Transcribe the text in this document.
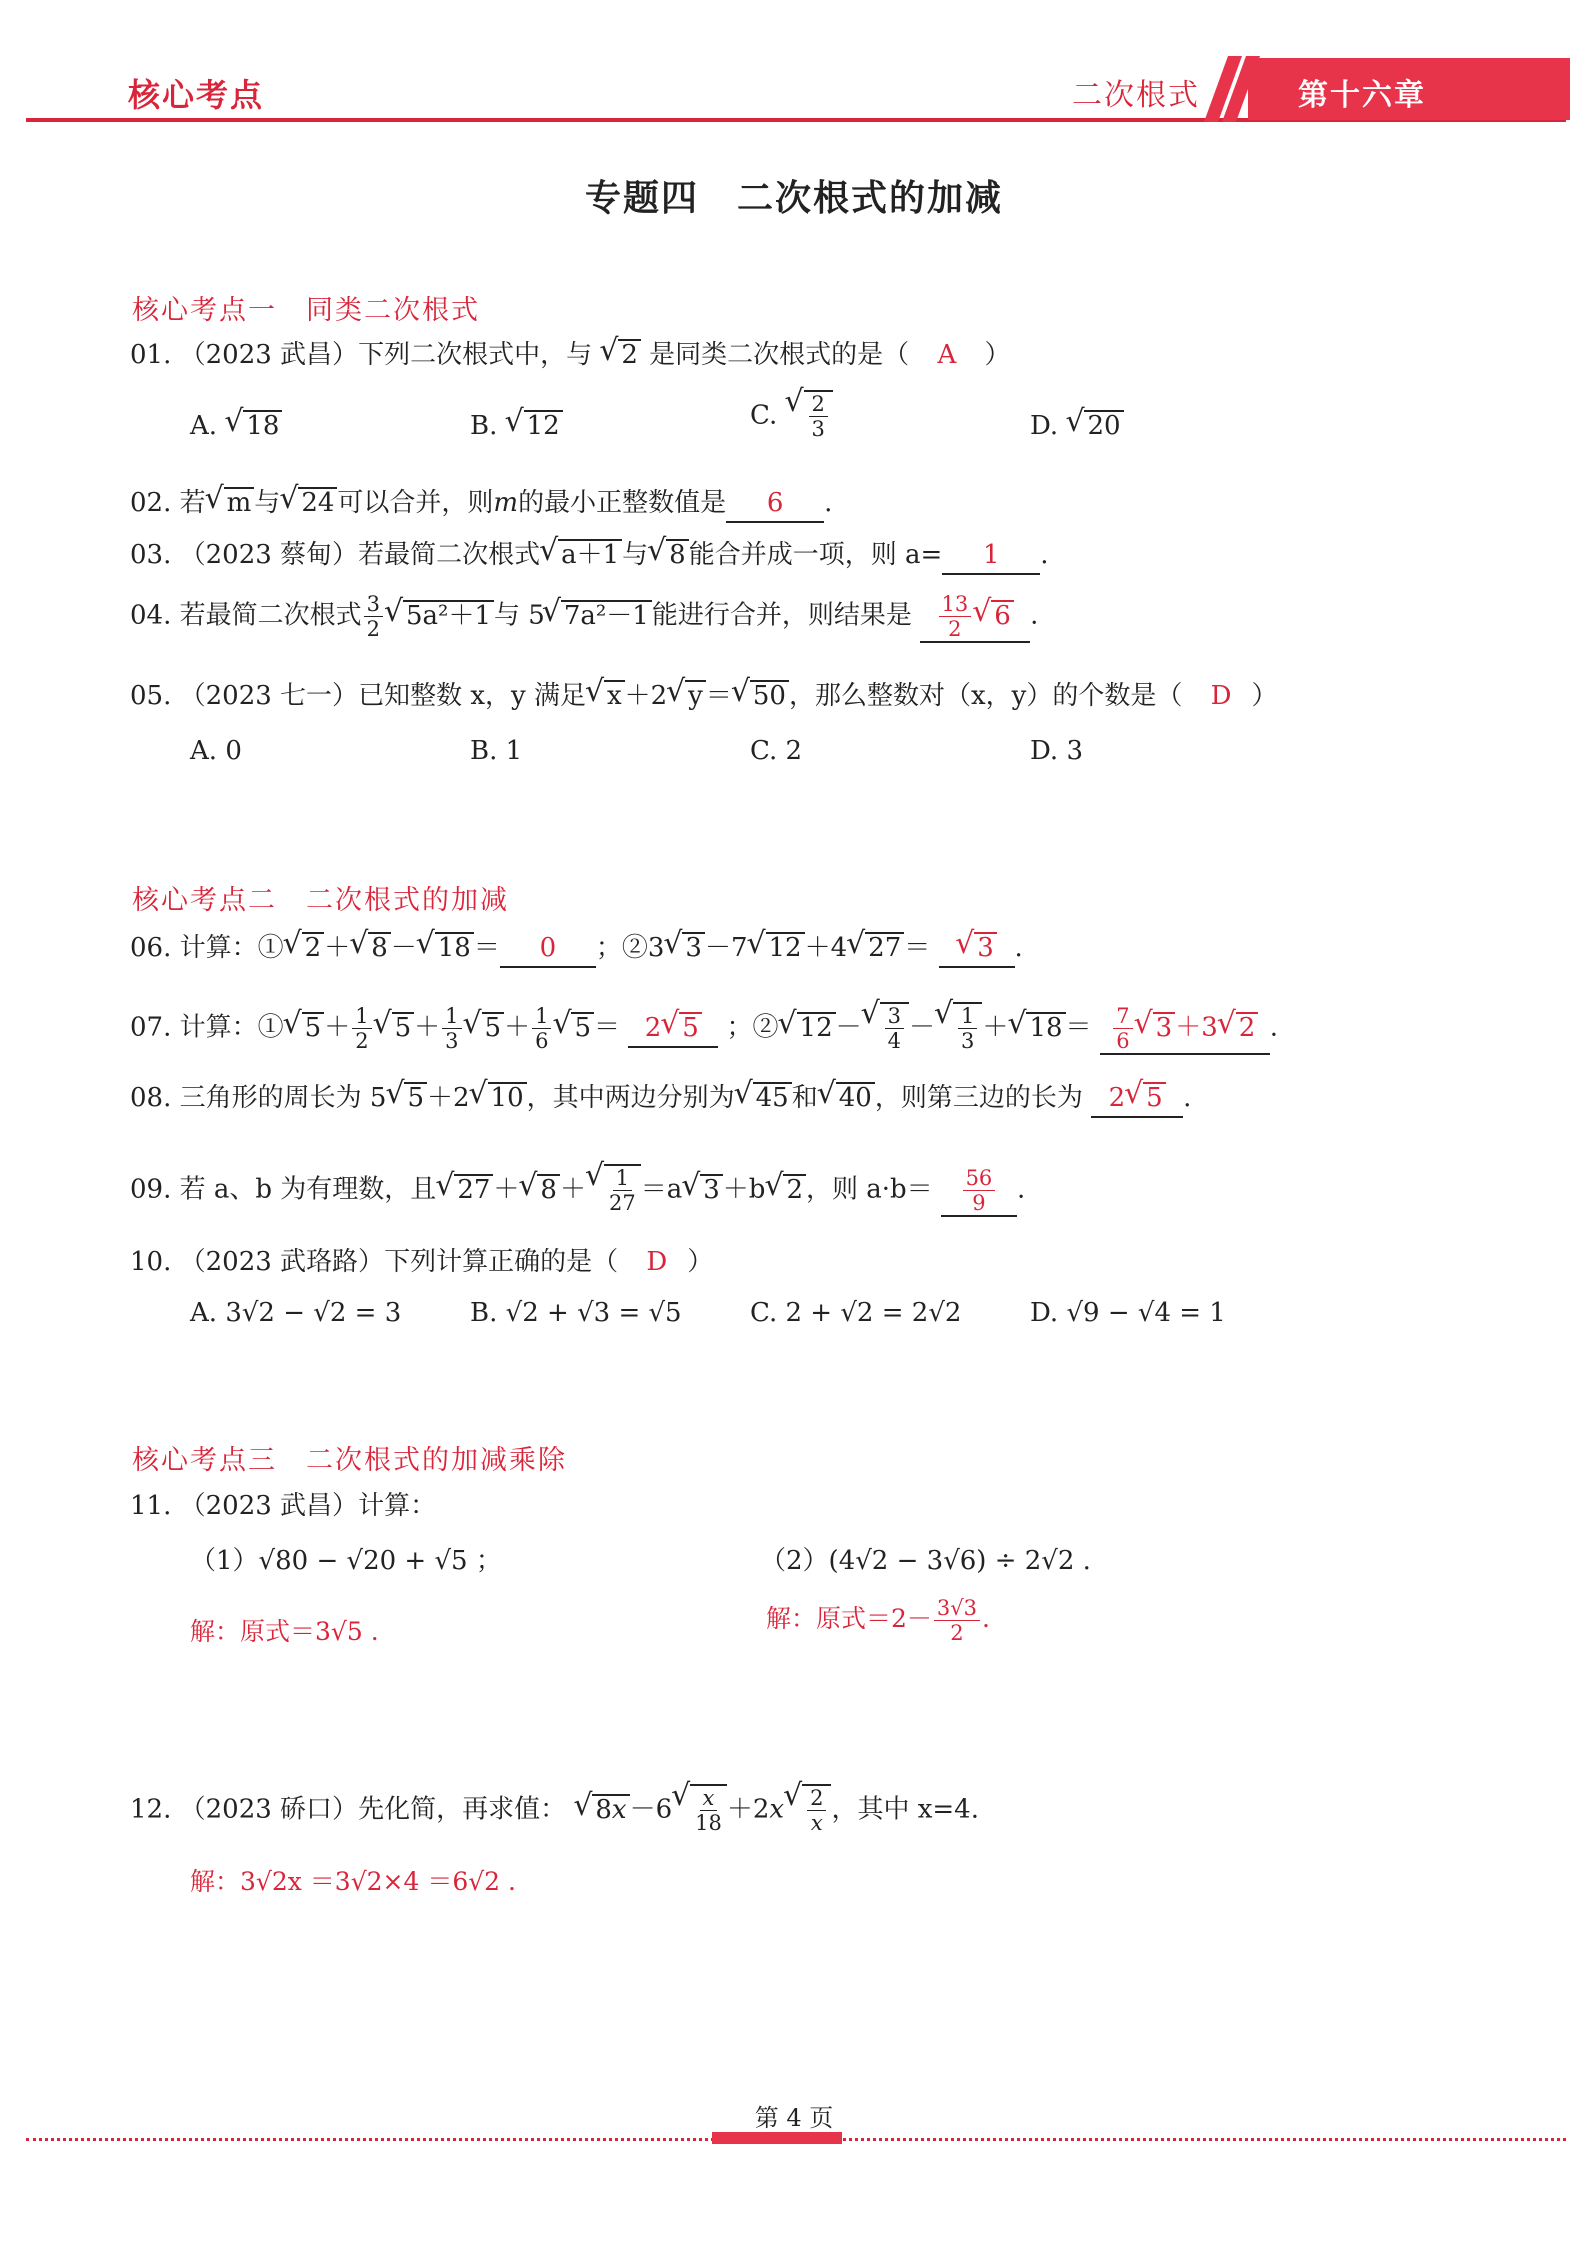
核心考点	二次根式	第十六章
专题四　二次根式的加减
核心考点一　同类二次根式
01. （2023 武昌）下列二次根式中，与 √ 2 是同类二次根式的是（ A ）
A. √ 18	B. √ 12	C.
√ $\frac{2}{3}$	D. √ 20
02. 若√ m 与√ 24 可以合并，则m的最小正整数值是 6 .
03. （2023 蔡甸）若最简二次根式√ a＋1 与√ 8 能合并成一项，则 a= 1 .
04. 若最简二次根式 $\frac{3}{2}$
√ 5a²＋1 与 5√ 7a²－1 能进行合并，则结果是 $\frac{13}{2}$
√ 6 .
05. （2023 七一）已知整数 x，y 满足√ x ＋2√ y ＝√ 50 ，那么整数对（x，y）的个数是（ D ）
A. 0	B. 1	C. 2	D. 3
核心考点二　二次根式的加减
06. 计算：①√ 2 ＋√ 8 －√ 18 ＝ 0 ；②3√ 3 －7√ 12 ＋4√ 27 ＝ √ 3 .
07. 计算：①√ $5 + \frac{1}{2}$
√ $5 + \frac{1}{3}$
√ $5 + \frac{1}{6}$
√ 5 ＝ 2√ 5 ；②√ 12 －
√ $\frac{3}{4}$ －
√ $\frac{1}{3}$ ＋√ $18 = \frac{7}{6}$
√ 3 ＋3√ 2 .
08. 三角形的周长为 5√ 5 ＋2√ 10 ，其中两边分别为√ 45 和√ 40 ，则第三边的长为 2√ 5 .
09. 若 a、b 为有理数，且√ 27 ＋√ 8 ＋
√ $\frac{1}{27} =a√$ 3 ＋b√ 2 ，则 $a\cdot b= \frac{56}{9}$ .
10. （2023 武珞路）下列计算正确的是（ D ）
A. 3√2 − √2 = 3	B. √2 + √3 = √5	C. 2 + √2 = 2√2	D. √9 − √4 = 1
核心考点三　二次根式的加减乘除
11. （2023 武昌）计算：
（1）√80 − √20 + √5 ；	（2）(4√2 − 3√6) ÷ 2√2 .
解：原式＝3√5 .	解：原式$=2- \frac{3√3}{2}$ .
12. （2023 硚口）先化简，再求值： √ 8x －6
√ $\frac{x}{18} +2x$
√ $\frac{2}{x}$ ，其中 x=4.
解：3√2x ＝3√2×4 ＝6√2 .
第 4 页
